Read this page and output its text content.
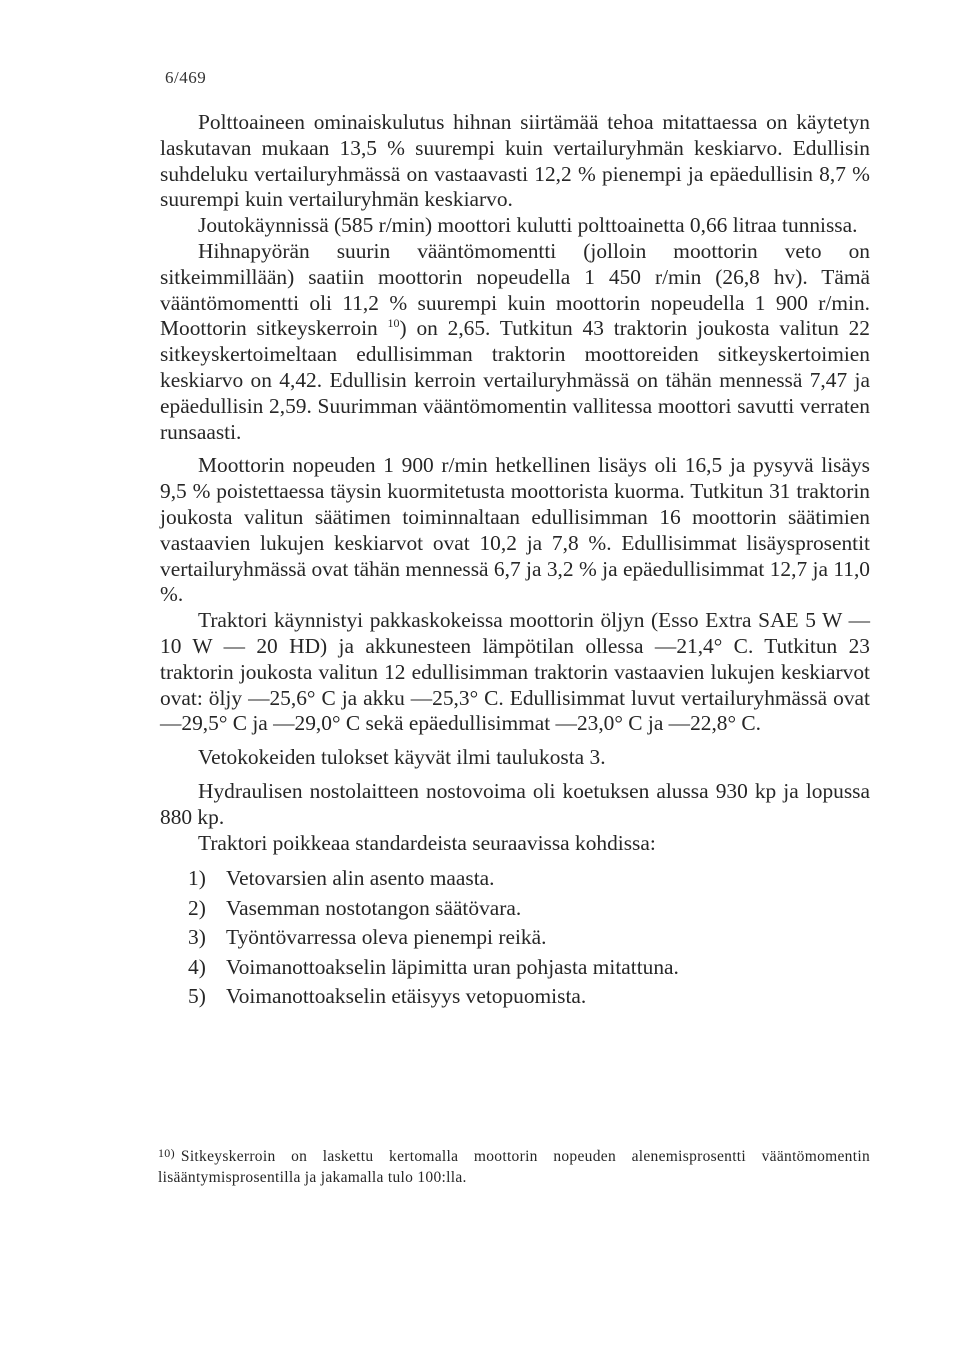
6/469

Polttoaineen ominaiskulutus hihnan siirtämää tehoa mitattaessa on käytetyn laskutavan mukaan 13,5 % suurempi kuin vertailuryhmän keskiarvo. Edullisin suhdeluku vertailuryhmässä on vastaavasti 12,2 % pienempi ja epäedullisin 8,7 % suurempi kuin vertailuryhmän keskiarvo.

Joutokäynnissä (585 r/min) moottori kulutti polttoainetta 0,66 litraa tunnissa.

Hihnapyörän suurin vääntömomentti (jolloin moottorin veto on sitkeimmillään) saatiin moottorin nopeudella 1 450 r/min (26,8 hv). Tämä vääntömomentti oli 11,2 % suurempi kuin moottorin nopeudella 1 900 r/min. Moottorin sitkeyskerroin $^{10}$) on 2,65. Tutkitun 43 traktorin joukosta valitun 22 sitkeyskertoimeltaan edullisimman traktorin moottoreiden sitkeyskertoimien keskiarvo on 4,42. Edullisin kerroin vertailuryhmässä on tähän mennessä 7,47 ja epäedullisin 2,59. Suurimman vääntömomentin vallitessa moottori savutti verraten runsaasti.

Moottorin nopeuden 1 900 r/min hetkellinen lisäys oli 16,5 ja pysyvä lisäys 9,5 % poistettaessa täysin kuormitetusta moottorista kuorma. Tutkitun 31 traktorin joukosta valitun säätimen toiminnaltaan edullisimman 16 moottorin säätimien vastaavien lukujen keskiarvot ovat 10,2 ja 7,8 %. Edullisimmat lisäysprosentit vertailuryhmässä ovat tähän mennessä 6,7 ja 3,2 % ja epäedullisimmat 12,7 ja 11,0 %.

Traktori käynnistyi pakkaskokeissa moottorin öljyn (Esso Extra SAE 5 W — 10 W — 20 HD) ja akkunesteen lämpötilan ollessa —21,4° C. Tutkitun 23 traktorin joukosta valitun 12 edullisimman traktorin vastaavien lukujen keskiarvot ovat: öljy —25,6° C ja akku —25,3° C. Edullisimmat luvut vertailuryhmässä ovat —29,5° C ja —29,0° C sekä epäedullisimmat —23,0° C ja —22,8° C.

Vetokokeiden tulokset käyvät ilmi taulukosta 3.

Hydraulisen nostolaitteen nostovoima oli koetuksen alussa 930 kp ja lopussa 880 kp.

Traktori poikkeaa standardeista seuraavissa kohdissa:

1) Vetovarsien alin asento maasta.
2) Vasemman nostotangon säätövara.
3) Työntövarressa oleva pienempi reikä.
4) Voimanottoakselin läpimitta uran pohjasta mitattuna.
5) Voimanottoakselin etäisyys vetopuomista.
$^{10)}$ Sitkeyskerroin on laskettu kertomalla moottorin nopeuden alenemisprosentti vääntömomentin lisääntymisprosentilla ja jakamalla tulo 100:lla.
